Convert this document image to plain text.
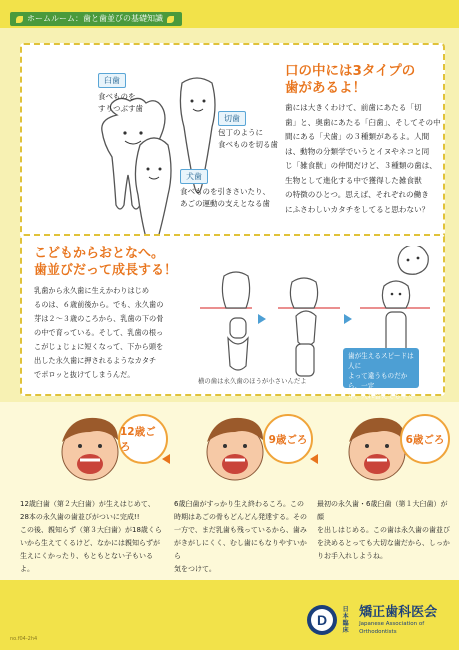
ホームルーム：歯と歯並びの基礎知識
臼歯
食べものを
すりつぶす歯
切歯
包丁のように
食べものを切る歯
犬歯
食べものを引きさいたり、
あごの運動の支えとなる歯
口の中には3タイプの
歯があるよ！
歯には大きくわけて、前歯にあたる「切
歯」と、奥歯にあたる「臼歯」、そしてその中
間にある「犬歯」の３種類があるよ。人間
は、動物の分類学でいうとイヌやネコと同
じ「雑食獣」の仲間だけど、３種類の歯は、
生物として進化する中で獲得した雑食獣
の特徴のひとつ。思えば、それぞれの働き
にふさわしいカタチをしてると思わない？
こどもからおとなへ。
歯並びだって成長する！
乳歯から永久歯に生えかわりはじめ
るのは、６歳前後から。でも、永久歯の
芽は２〜３歳のころから、乳歯の下の骨
の中で育っている。そして、乳歯の根っ
こがじょじょに短くなって、下から頭を
出した永久歯に押されるようなカタチ
でポロッと抜けてしまうんだ。
歯が生えるスピードは人に
よって違うものだから、一定
年、入れ替えても早く
横の歯は永久歯のほうが小さいんだよ
12歳ごろ
9歳ごろ	6歳ごろ
12歳臼歯（第２大臼歯）が生えはじめて、
28本の永久歯の歯並びがついに完成!!
この後、親知らず（第３大臼歯）が18歳くら
いから生えてくるけど、なかには親知らずが
生えにくかったり、もともとない子もいるよ。
6歳臼歯がすっかり生え終わるころ。この
時期はあごの骨もどんどん発達する。その
一方で、まだ乳歯も残っているから、歯み
がきがしにくく、むし歯にもなりやすいから
気をつけて。
最初の永久歯・6歳臼歯（第１大臼歯）が顔
を出しはじめる。この歯は永久歯の歯並び
を決めるとっても大切な歯だから、しっか
りお手入れしようね。
D
日本臨床
矯正歯科医会
Japanese Association of Orthodontists
no.f04-2h4
